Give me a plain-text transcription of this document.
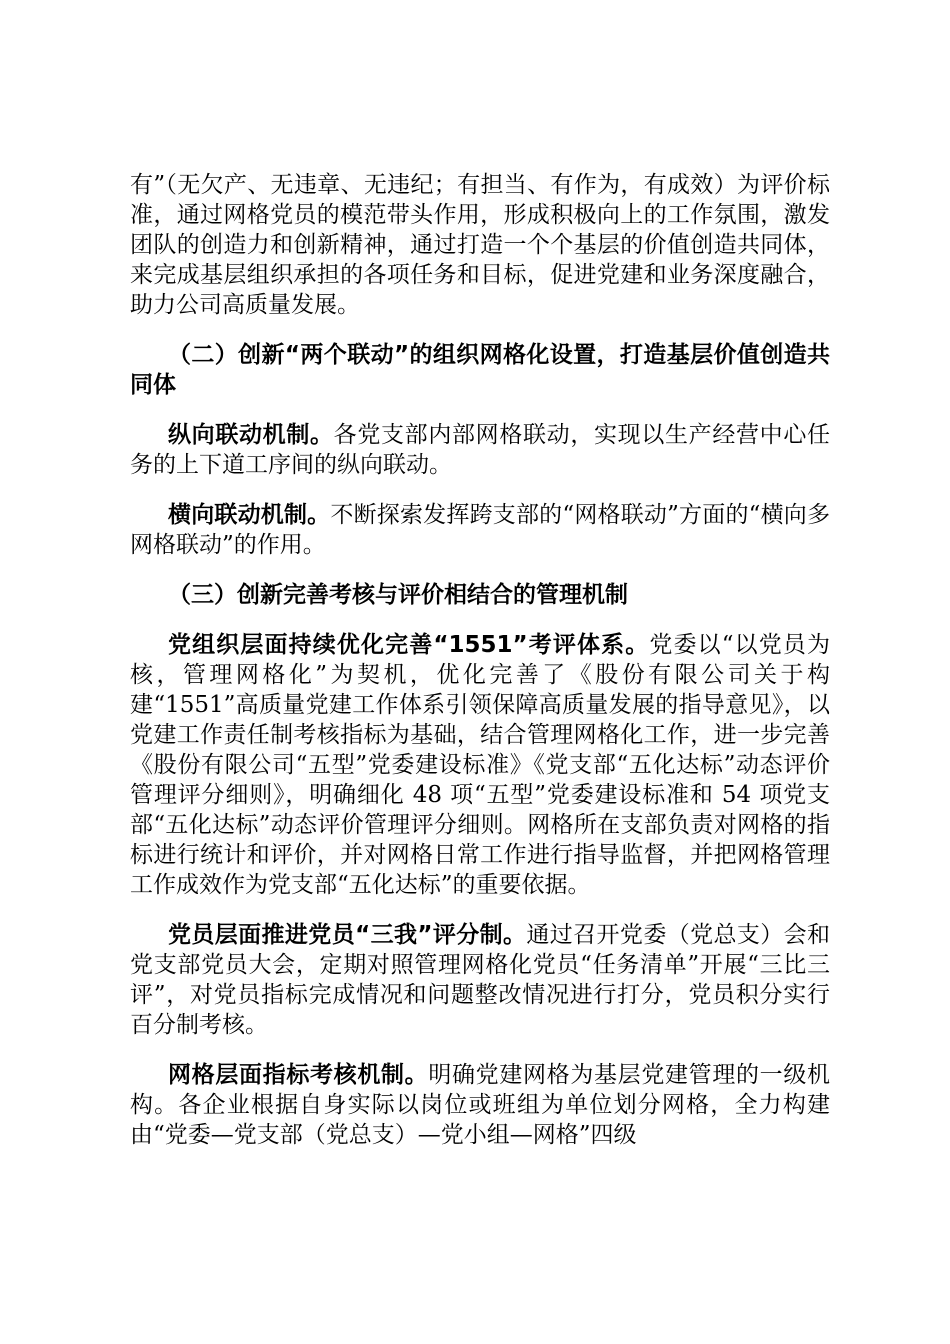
有”（无欠产、无违章、无违纪；有担当、有作为，有成效）为评价标准，通过网格党员的模范带头作用，形成积极向上的工作氛围，激发团队的创造力和创新精神，通过打造一个个基层的价值创造共同体，来完成基层组织承担的各项任务和目标，促进党建和业务深度融合，助力公司高质量发展。

（二）创新“两个联动”的组织网格化设置，打造基层价值创造共同体

纵向联动机制。各党支部内部网格联动，实现以生产经营中心任务的上下道工序间的纵向联动。

横向联动机制。不断探索发挥跨支部的“网格联动”方面的“横向多网格联动”的作用。

（三）创新完善考核与评价相结合的管理机制

党组织层面持续优化完善“1551”考评体系。党委以“以党员为核，管理网格化”为契机，优化完善了《股份有限公司关于构建“1551”高质量党建工作体系引领保障高质量发展的指导意见》，以党建工作责任制考核指标为基础，结合管理网格化工作，进一步完善《股份有限公司“五型”党委建设标准》《党支部“五化达标”动态评价管理评分细则》，明确细化 48 项“五型”党委建设标准和 54 项党支部“五化达标”动态评价管理评分细则。网格所在支部负责对网格的指标进行统计和评价，并对网格日常工作进行指导监督，并把网格管理工作成效作为党支部“五化达标”的重要依据。

党员层面推进党员“三我”评分制。通过召开党委（党总支）会和党支部党员大会，定期对照管理网格化党员“任务清单”开展“三比三评”，对党员指标完成情况和问题整改情况进行打分，党员积分实行百分制考核。

网格层面指标考核机制。明确党建网格为基层党建管理的一级机构。各企业根据自身实际以岗位或班组为单位划分网格，全力构建由“党委—党支部（党总支）—党小组—网格”四级
